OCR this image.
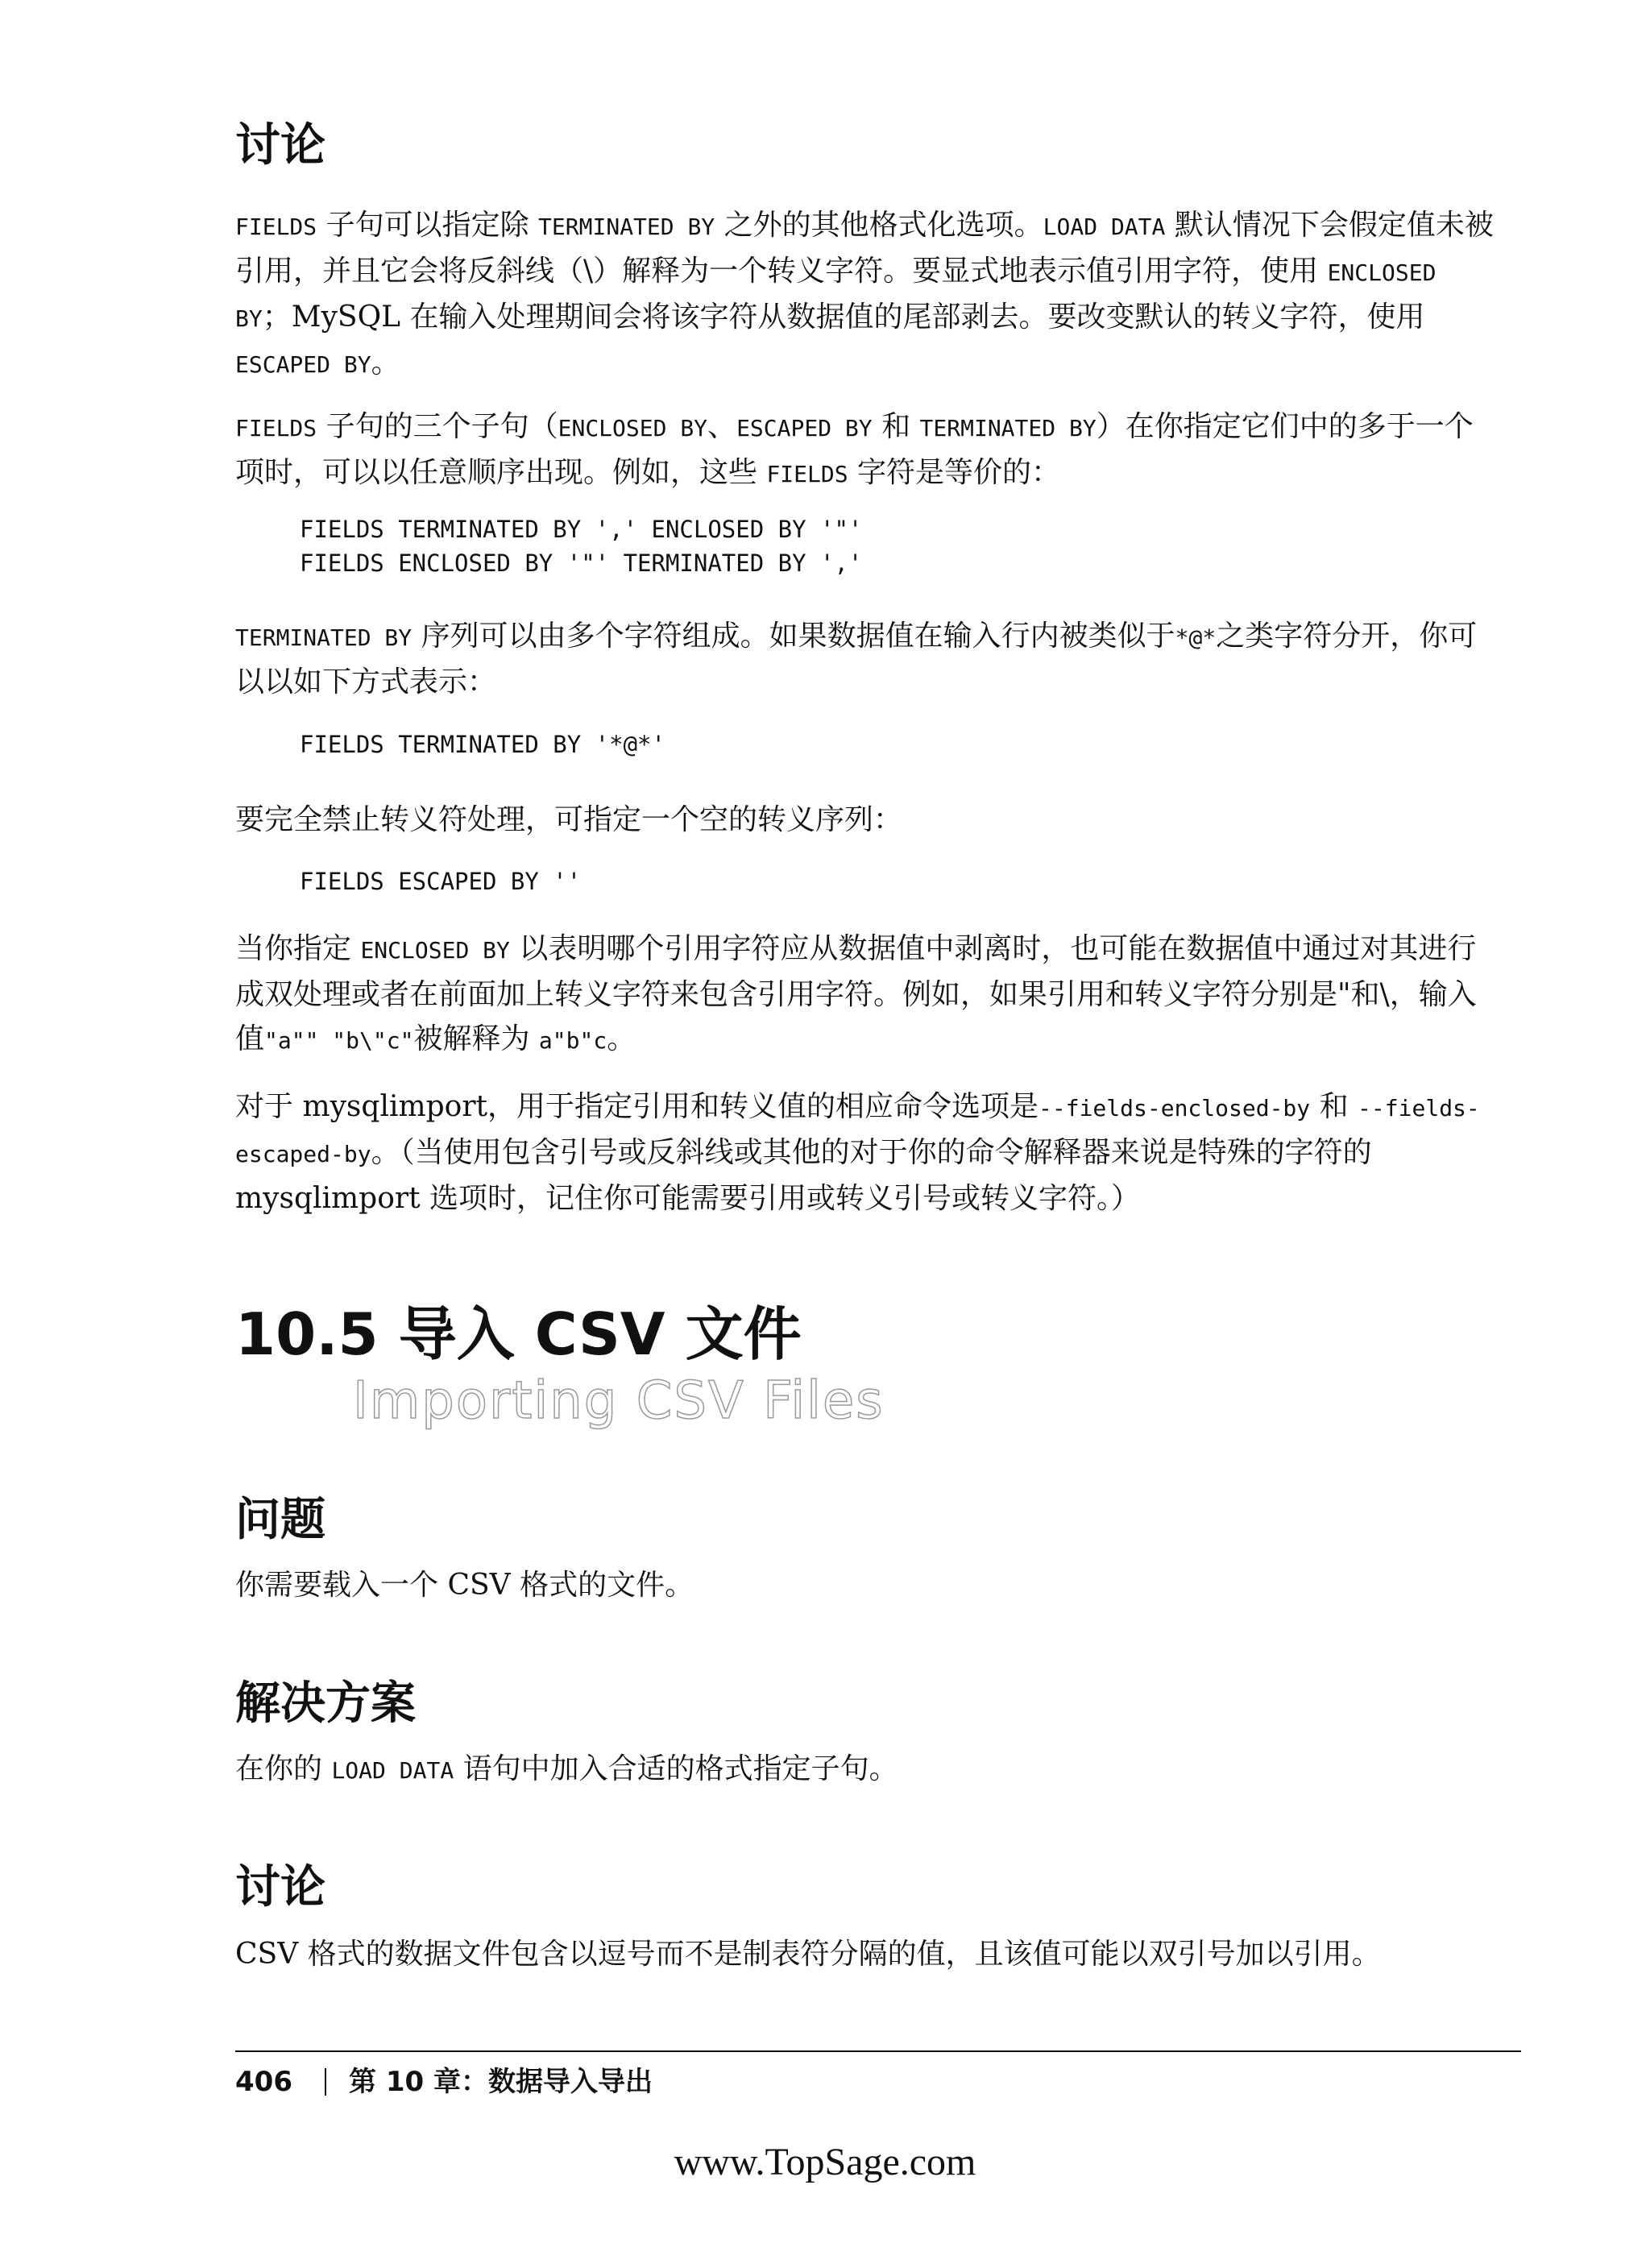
讨论

FIELDS 子句可以指定除 TERMINATED BY 之外的其他格式化选项。LOAD DATA 默认情况下会假定值未被引用，并且它会将反斜线（\）解释为一个转义字符。要显式地表示值引用字符，使用 ENCLOSED BY；MySQL 在输入处理期间会将该字符从数据值的尾部剥去。要改变默认的转义字符，使用 ESCAPED BY。

FIELDS 子句的三个子句（ENCLOSED BY、ESCAPED BY 和 TERMINATED BY）在你指定它们中的多于一个项时，可以以任意顺序出现。例如，这些 FIELDS 字符是等价的：

FIELDS TERMINATED BY ',' ENCLOSED BY '"'
FIELDS ENCLOSED BY '"' TERMINATED BY ','

TERMINATED BY 序列可以由多个字符组成。如果数据值在输入行内被类似于*@*之类字符分开，你可以以如下方式表示：

FIELDS TERMINATED BY '*@*'

要完全禁止转义符处理，可指定一个空的转义序列：

FIELDS ESCAPED BY ''

当你指定 ENCLOSED BY 以表明哪个引用字符应从数据值中剥离时，也可能在数据值中通过对其进行成双处理或者在前面加上转义字符来包含引用字符。例如，如果引用和转义字符分别是"和\，输入值"a"" "b\"c"被解释为 a"b"c。

对于 mysqlimport，用于指定引用和转义值的相应命令选项是--fields-enclosed-by 和 --fields-escaped-by。（当使用包含引号或反斜线或其他的对于你的命令解释器来说是特殊的字符的 mysqlimport 选项时，记住你可能需要引用或转义引号或转义字符。）

10.5 导入 CSV 文件
Importing CSV Files
问题

你需要载入一个 CSV 格式的文件。

解决方案

在你的 LOAD DATA 语句中加入合适的格式指定子句。

讨论

CSV 格式的数据文件包含以逗号而不是制表符分隔的值，且该值可能以双引号加以引用。

406 第 10 章：数据导入导出
www.TopSage.com
